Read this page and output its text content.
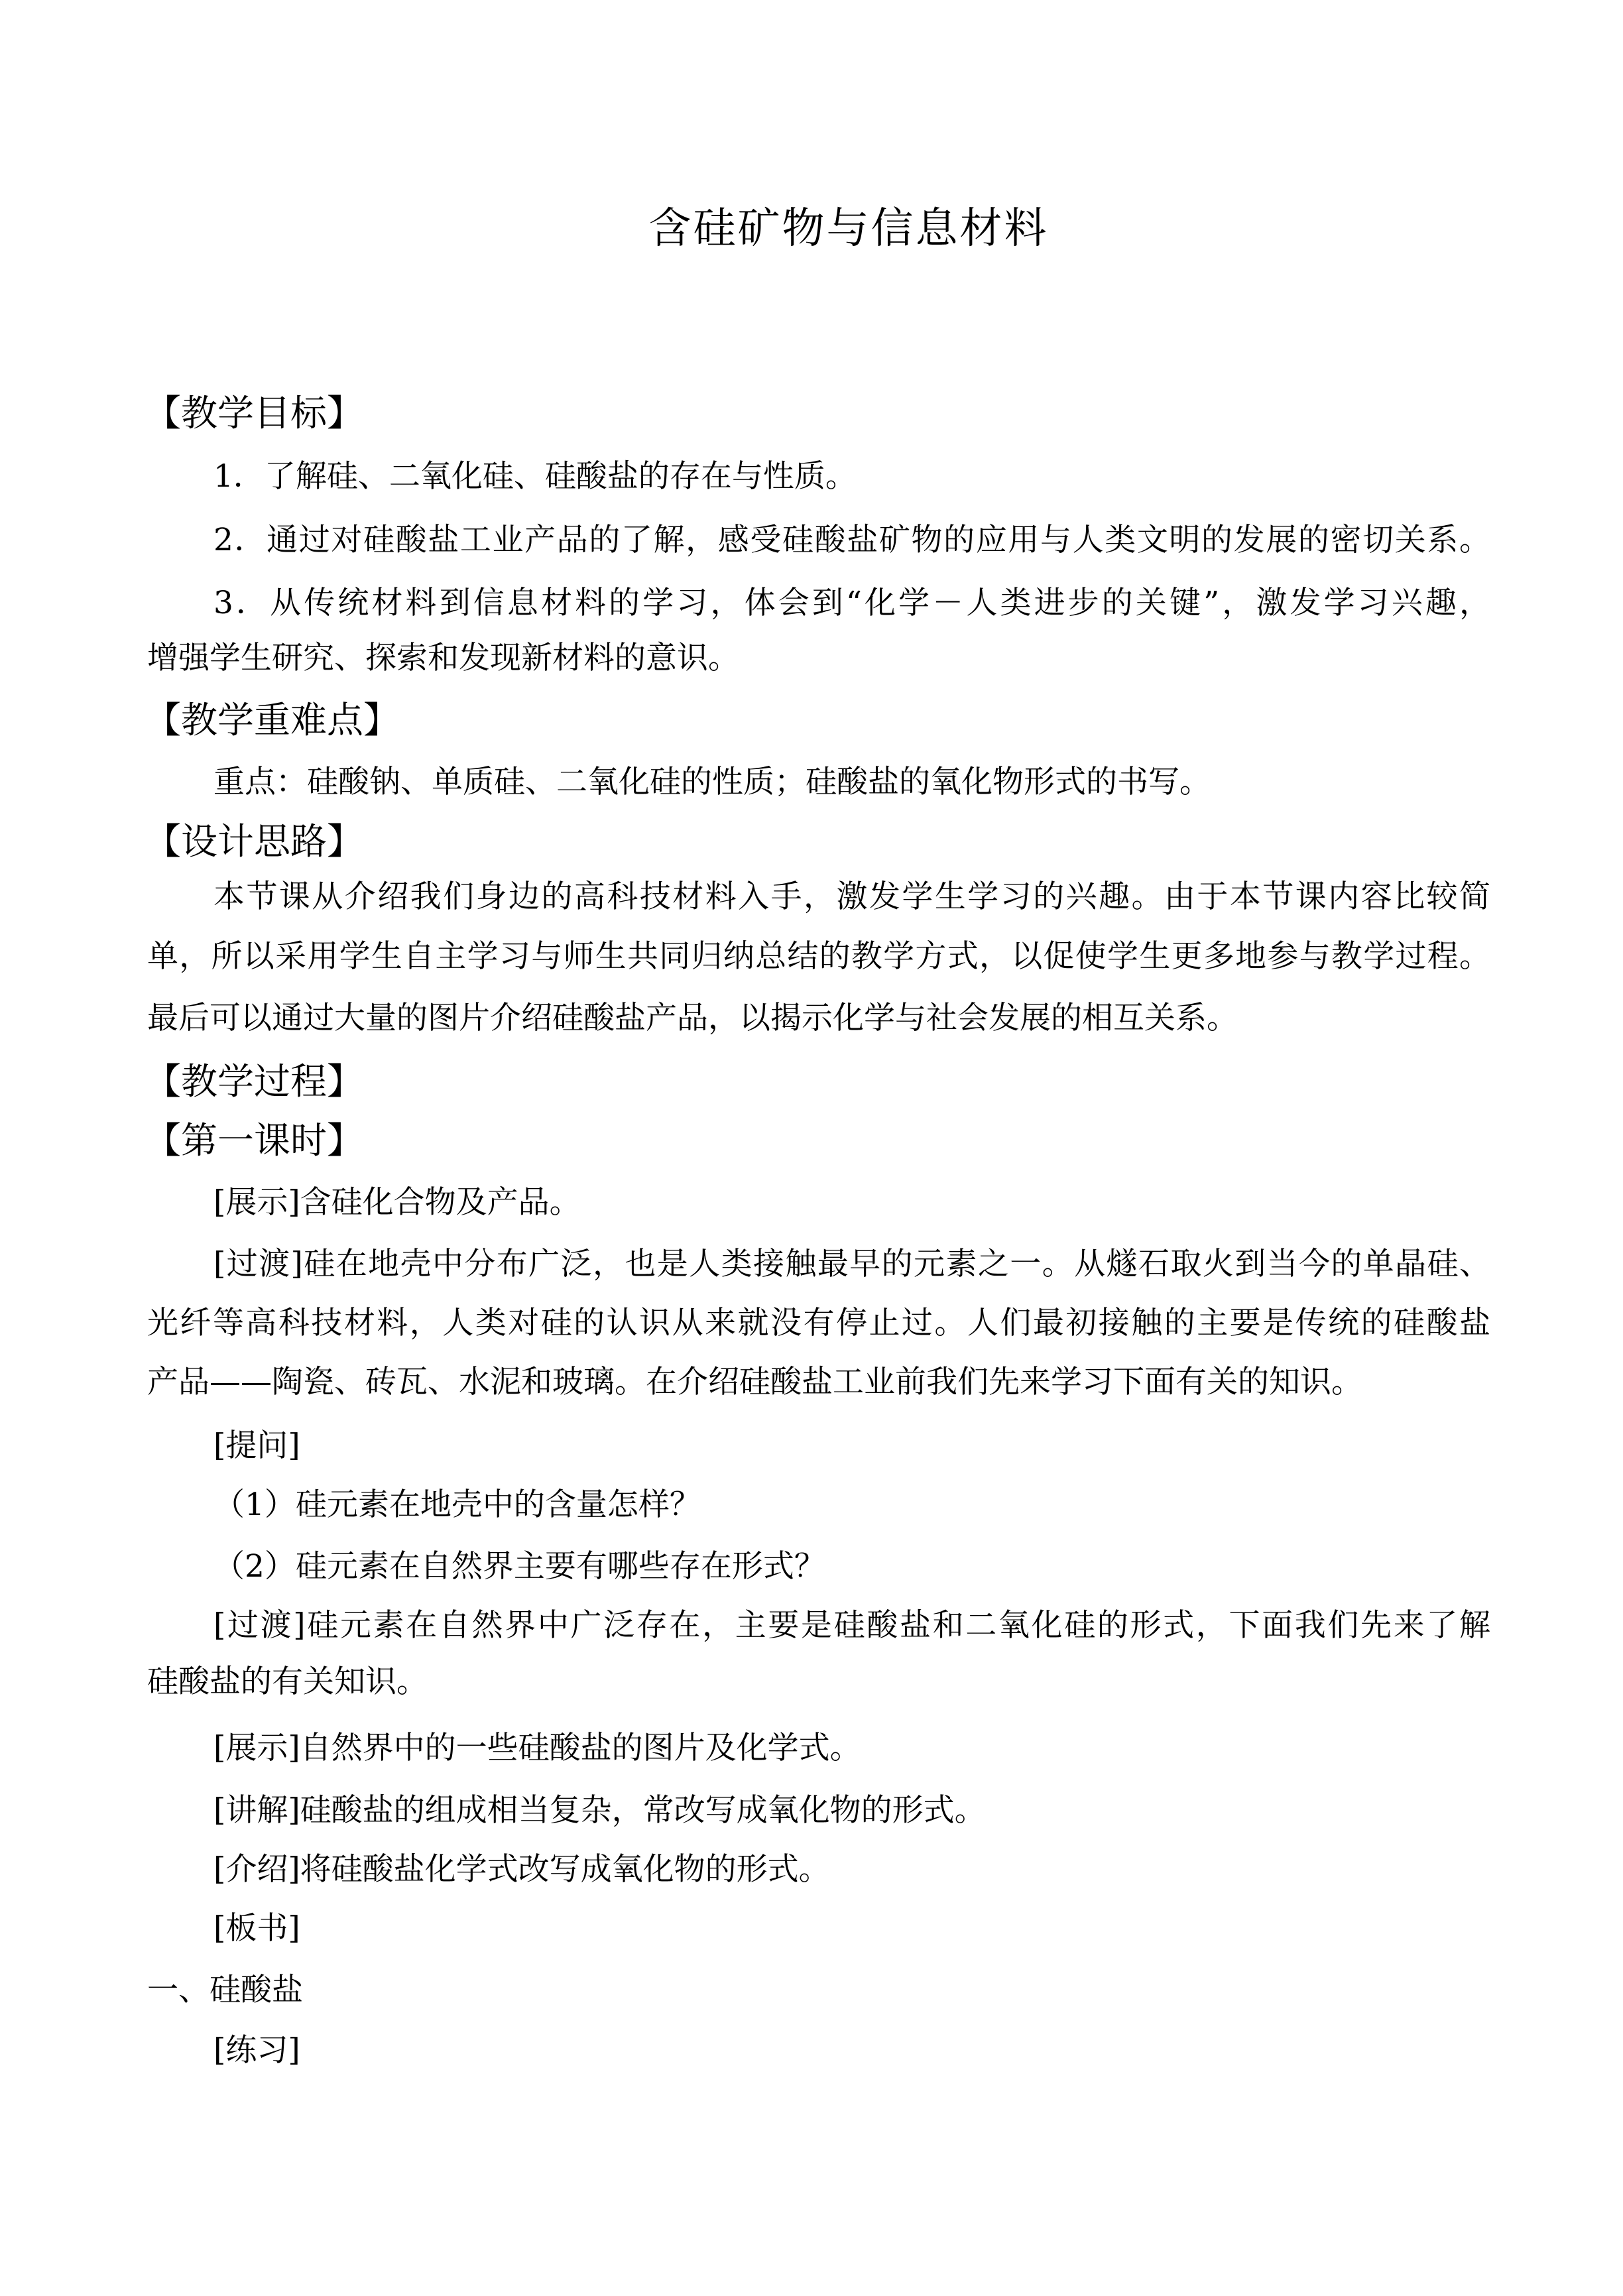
含硅矿物与信息材料
【教学目标】
1．了解硅、二氧化硅、硅酸盐的存在与性质。
2．通过对硅酸盐工业产品的了解，感受硅酸盐矿物的应用与人类文明的发展的密切关系。
3．从传统材料到信息材料的学习，体会到“化学－人类进步的关键”，激发学习兴趣，
增强学生研究、探索和发现新材料的意识。
【教学重难点】
重点：硅酸钠、单质硅、二氧化硅的性质；硅酸盐的氧化物形式的书写。
【设计思路】
本节课从介绍我们身边的高科技材料入手，激发学生学习的兴趣。由于本节课内容比较简
单，所以采用学生自主学习与师生共同归纳总结的教学方式，以促使学生更多地参与教学过程。
最后可以通过大量的图片介绍硅酸盐产品，以揭示化学与社会发展的相互关系。
【教学过程】
【第一课时】
[展示]含硅化合物及产品。
[过渡]硅在地壳中分布广泛，也是人类接触最早的元素之一。从燧石取火到当今的单晶硅、
光纤等高科技材料，人类对硅的认识从来就没有停止过。人们最初接触的主要是传统的硅酸盐
产品——陶瓷、砖瓦、水泥和玻璃。在介绍硅酸盐工业前我们先来学习下面有关的知识。
[提问]
（1）硅元素在地壳中的含量怎样？
（2）硅元素在自然界主要有哪些存在形式？
[过渡]硅元素在自然界中广泛存在，主要是硅酸盐和二氧化硅的形式，下面我们先来了解
硅酸盐的有关知识。
[展示]自然界中的一些硅酸盐的图片及化学式。
[讲解]硅酸盐的组成相当复杂，常改写成氧化物的形式。
[介绍]将硅酸盐化学式改写成氧化物的形式。
[板书]
一、硅酸盐
[练习]
